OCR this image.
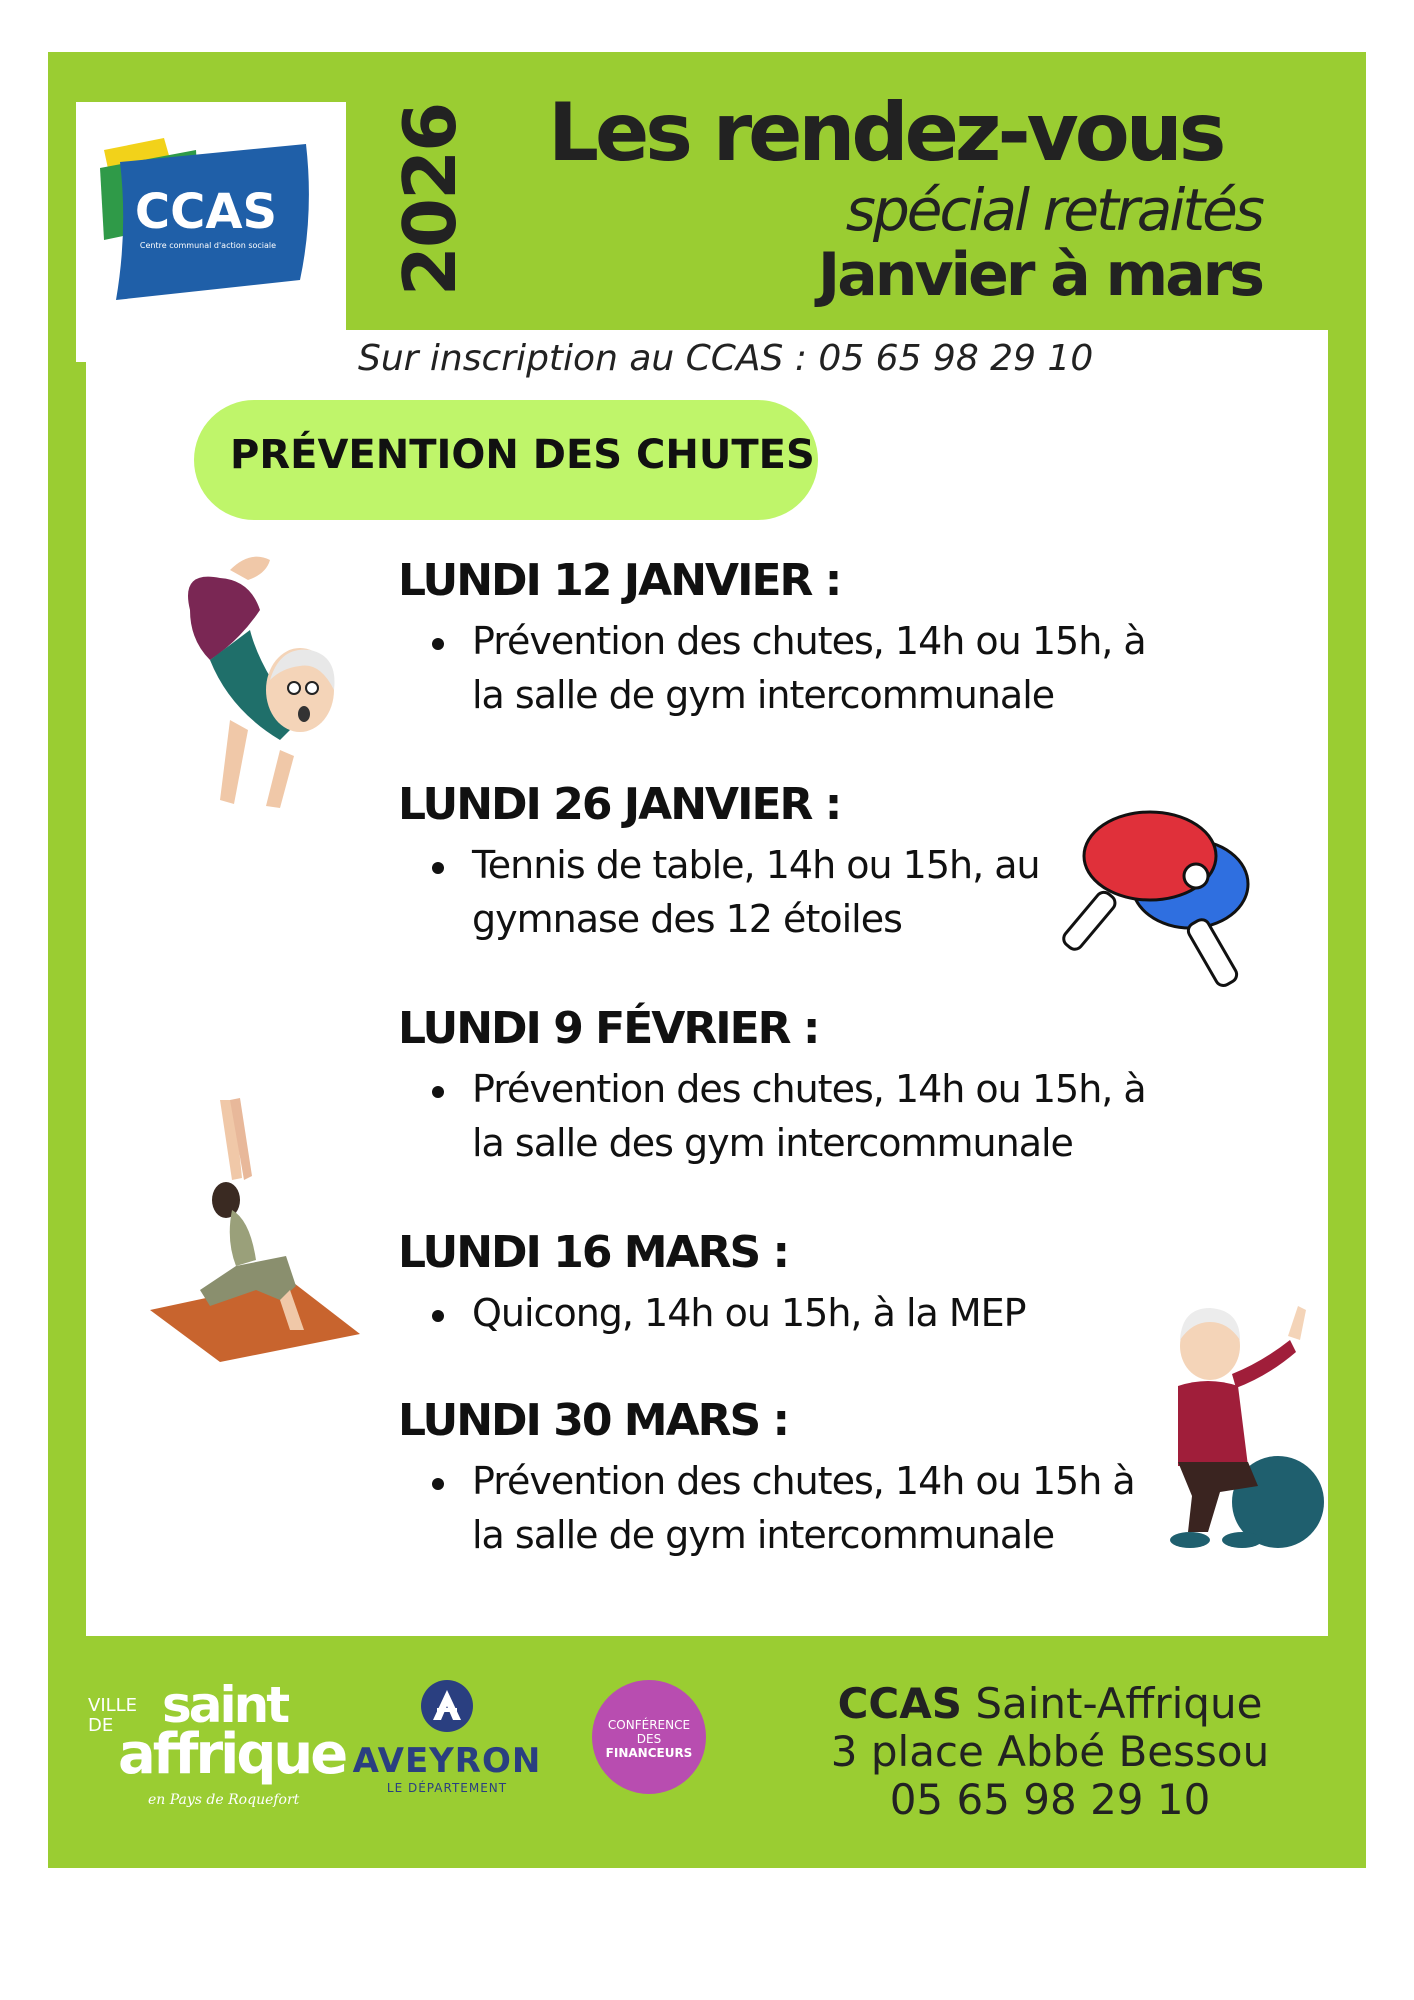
CCAS
Centre communal d'action sociale 2026 Les rendez-vous
spécial retraités
Janvier à mars
Sur inscription au CCAS : 05 65 98 29 10
PRÉVENTION DES CHUTES

LUNDI 12 JANVIER :

Prévention des chutes, 14h ou 15h, à
la salle de gym intercommunale

LUNDI 26 JANVIER :

Tennis de table, 14h ou 15h, au
gymnase des 12 étoiles

LUNDI 9 FÉVRIER :

Prévention des chutes, 14h ou 15h, à
la salle des gym intercommunale

LUNDI 16 MARS :

Quicong, 14h ou 15h, à la MEP

LUNDI 30 MARS :

Prévention des chutes, 14h ou 15h à
la salle de gym intercommunale

VILLE
DE saint
affrique
en Pays de Roquefort
AVEYRON
LE DÉPARTEMENT
CONFÉRENCE
DES
FINANCEURS
CCAS Saint-Affrique
3 place Abbé Bessou
05 65 98 29 10
